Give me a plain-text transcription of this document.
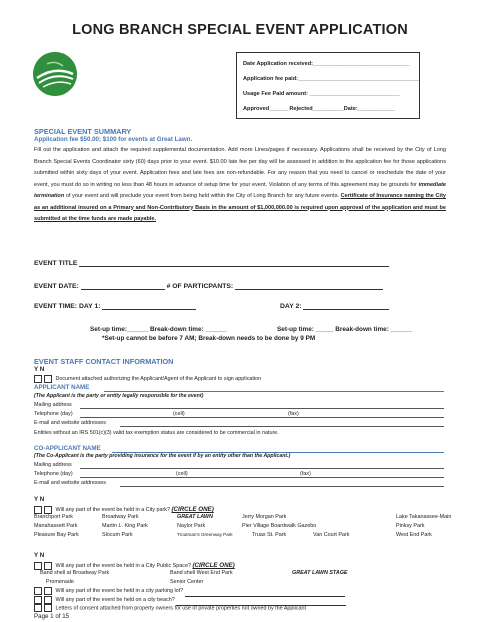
LONG BRANCH SPECIAL EVENT APPLICATION
Date Application received:_______________________________
Application fee paid:_______________________________________
Usage Fee Paid amount: _____________________________
Approved______ Rejected__________Date:____________
SPECIAL EVENT SUMMARY
Application fee $50.00; $100 for events at Great Lawn.
Fill out the application and attach the required supplemental documentation. Add more Lines/pages if necessary. Applications shall be received by the City of Long Branch Special Events Coordinator sixty (60) days prior to your event. $10.00 late fee per day will be assessed in addition to the application fee for those applications submitted within sixty days of your event. Application fees and late fees are non-refundable. For any reason that you need to cancel or reschedule the date of your event, you must do so in writing no less than 48 hours in advance of setup time for your event. Violation of any terms of this agreement may be grounds for immediate termination of your event and will preclude your event from being held within the City of Long Branch for any future events. Certificate of Insurance naming the City as an additional insured on a Primary and Non-Contributory Basis in the amount of $1,000,000.00 is required upon approval of the application and must be submitted at the time funds are made payable.
EVENT TITLE
EVENT DATE:	# OF PARTICPANTS:
EVENT TIME: DAY 1:	DAY 2:
Set-up time:______ Break-down time: ______	Set-up time: _____ Break-down time: ______
*Set-up cannot be before 7 AM; Break-down needs to be done by 9 PM
EVENT STAFF CONTACT INFORMATION
Y N
Document attached authorizing the Applicant/Agent of the Applicant to sign application
APPLICANT NAME
(The Applicant is the party or entity legally responsible for the event)
Mailing address
Telephone (day)	(cell)	(fax)
E-mail and website addresses
Entities without an IRS 501(c)(3) valid tax exemption status are considered to be commercial in nature.
CO-APPLICANT NAME
(The Co-Applicant is the party providing insurance for the event if by an entity other than the Applicant.)
Mailing address
Telephone (day)	(cell)	(fax)
E-mail and website addresses
Y N
Will any part of the event be held in a City park? (CIRCLE ONE)
Branchport Park
Manahassett Park
Pleasure Bay Park
Broadway Park
Martin L. King Park
Slocum Park
GREAT LAWN
Naylor Park
Troutman's Greenway Park
Jerry Morgan Park
Pier Village Boardwalk Gazebo
Truax St. Park	Van Court Park
Lake Takanassee-Main
Pinksy Park
West End Park
Y N
Will any part of the event be held in a City Public Space? (CIRCLE ONE)
Band shell at Broadway Park
Promenade
Band shell West End Park
Senior Center
GREAT LAWN STAGE
Will any part of the event be held in a city parking lot?
Will any part of the event be held on a city beach?
Letters of consent attached from property owners for use of private properties not owned by the Applicant
Page 1 of 15
